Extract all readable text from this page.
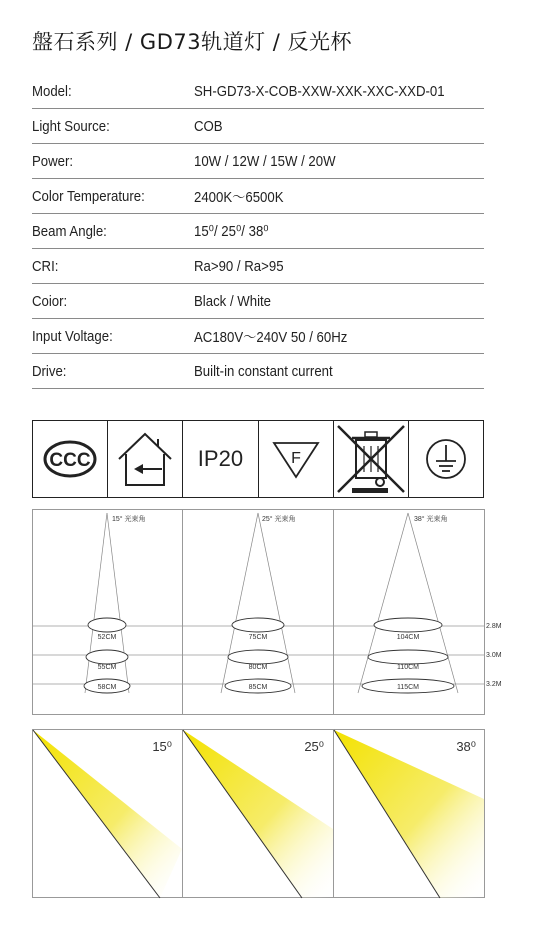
盤石系列 / GD73轨道灯 / 反光杯
Model:	SH-GD73-X-COB-XXW-XXK-XXC-XXD-01
Light Source:	COB
Power:	10W / 12W / 15W / 20W
Color Temperature:	2400K～6500K
Beam Angle:	15⁰/ 25⁰/ 38⁰
CRI:	Ra>90 / Ra>95
Coior:	Black / White
Input Voltage:	AC180V～240V 50 / 60Hz
Drive:	Built-in constant current
CCC	IP20	F
15° 光束角
52CM
55CM
58CM
25° 光束角
75CM
80CM
85CM
38° 光束角
104CM
110CM
115CM
2.8M
3.0M
3.2M
15⁰	25⁰	38⁰
